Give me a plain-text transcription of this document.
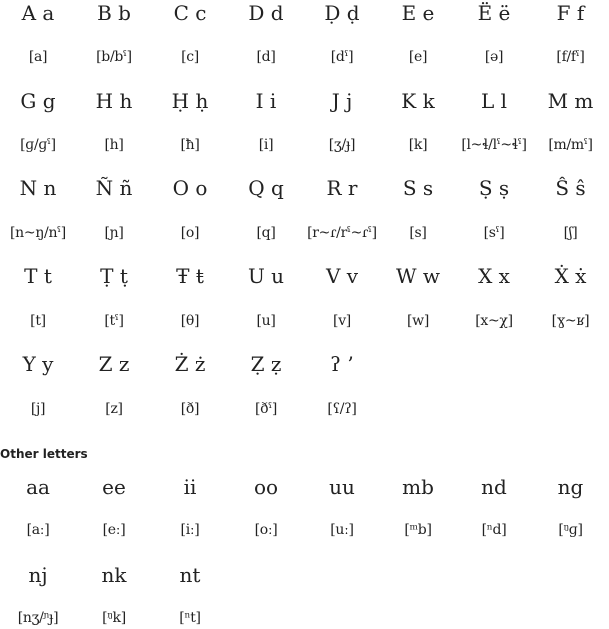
A a	B b	C c	D d	Ḍ ḍ	E e	Ë ë	F f
[a]	[b/bˤ]	[c]	[d]	[dˤ]	[e]	[ə]	[f/fˤ]
G g	H h	Ḥ ḥ	I i	J j	K k	L l	M m
[ɡ/ɡˤ]	[h]	[ħ]	[i]	[ʒ/ɟ]	[k]	[l~ɬ/lˤ~ɬˤ]	[m/mˤ]
N n	Ñ ñ	O o	Q q	R r	S s	Ṣ ṣ	Ŝ ŝ
[n~ŋ/nˤ]	[ɲ]	[o]	[q]	[r~ɾ/rˤ~ɾˤ]	[s]	[sˤ]	[ʃ]
T t	Ṭ ṭ	Ŧ ŧ	U u	V v	W w	X x	Ẋ ẋ
[t]	[tˤ]	[θ]	[u]	[v]	[w]	[x~χ]	[ɣ~ʁ]
Y y	Z z	Ż ż	Ẓ ẓ	ʔ ’
[j]	[z]	[ð]	[ðˤ]	[ʕ/ʔ]
Other letters
aa	ee	ii	oo	uu	mb	nd	ng
[aː]	[eː]	[iː]	[oː]	[uː]	[ᵐb]	[ⁿd]	[ᵑɡ]
nj	nk	nt
[nʒ/ᶮɟ]	[ᵑk]	[ⁿt]
